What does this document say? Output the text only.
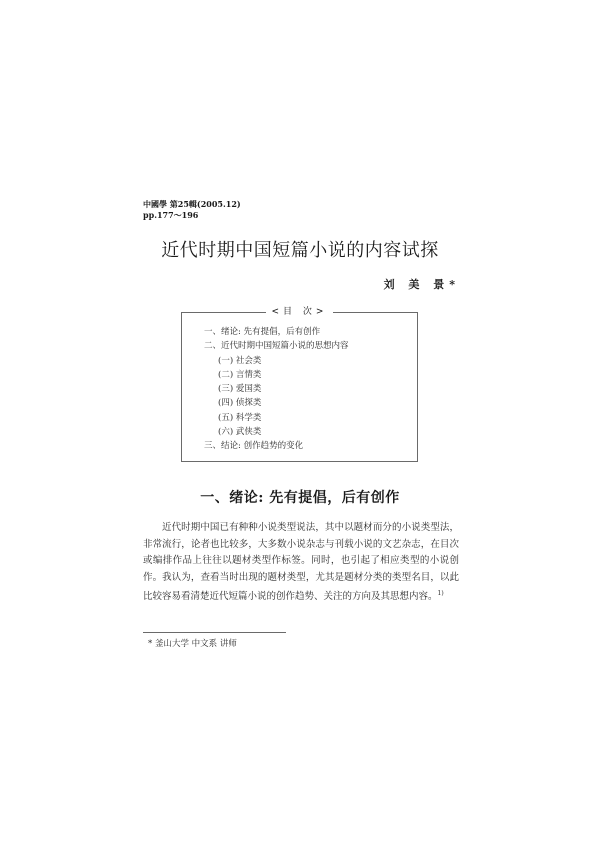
中國學 第25輯(2005.12)
pp.177～196
近代时期中国短篇小说的内容试探
刘 美 景*
<目 次>
一、绪论: 先有提倡，后有创作
二、近代时期中国短篇小说的思想内容
(一) 社会类
(二) 言情类
(三) 爱国类
(四) 侦探类
(五) 科学类
(六) 武侠类
三、结论: 创作趋势的变化
一、绪论: 先有提倡，后有创作

近代时期中国已有种种小说类型说法，其中以题材而分的小说类型法，非常流行，论者也比较多，大多数小说杂志与刊载小说的文艺杂志，在目次或编排作品上往往以题材类型作标签。同时，也引起了相应类型的小说创作。我认为，查看当时出现的题材类型，尤其是题材分类的类型名目，以此比较容易看清楚近代短篇小说的创作趋势、关注的方向及其思想内容。$^{1)}$

* 釜山大学 中文系 讲师
